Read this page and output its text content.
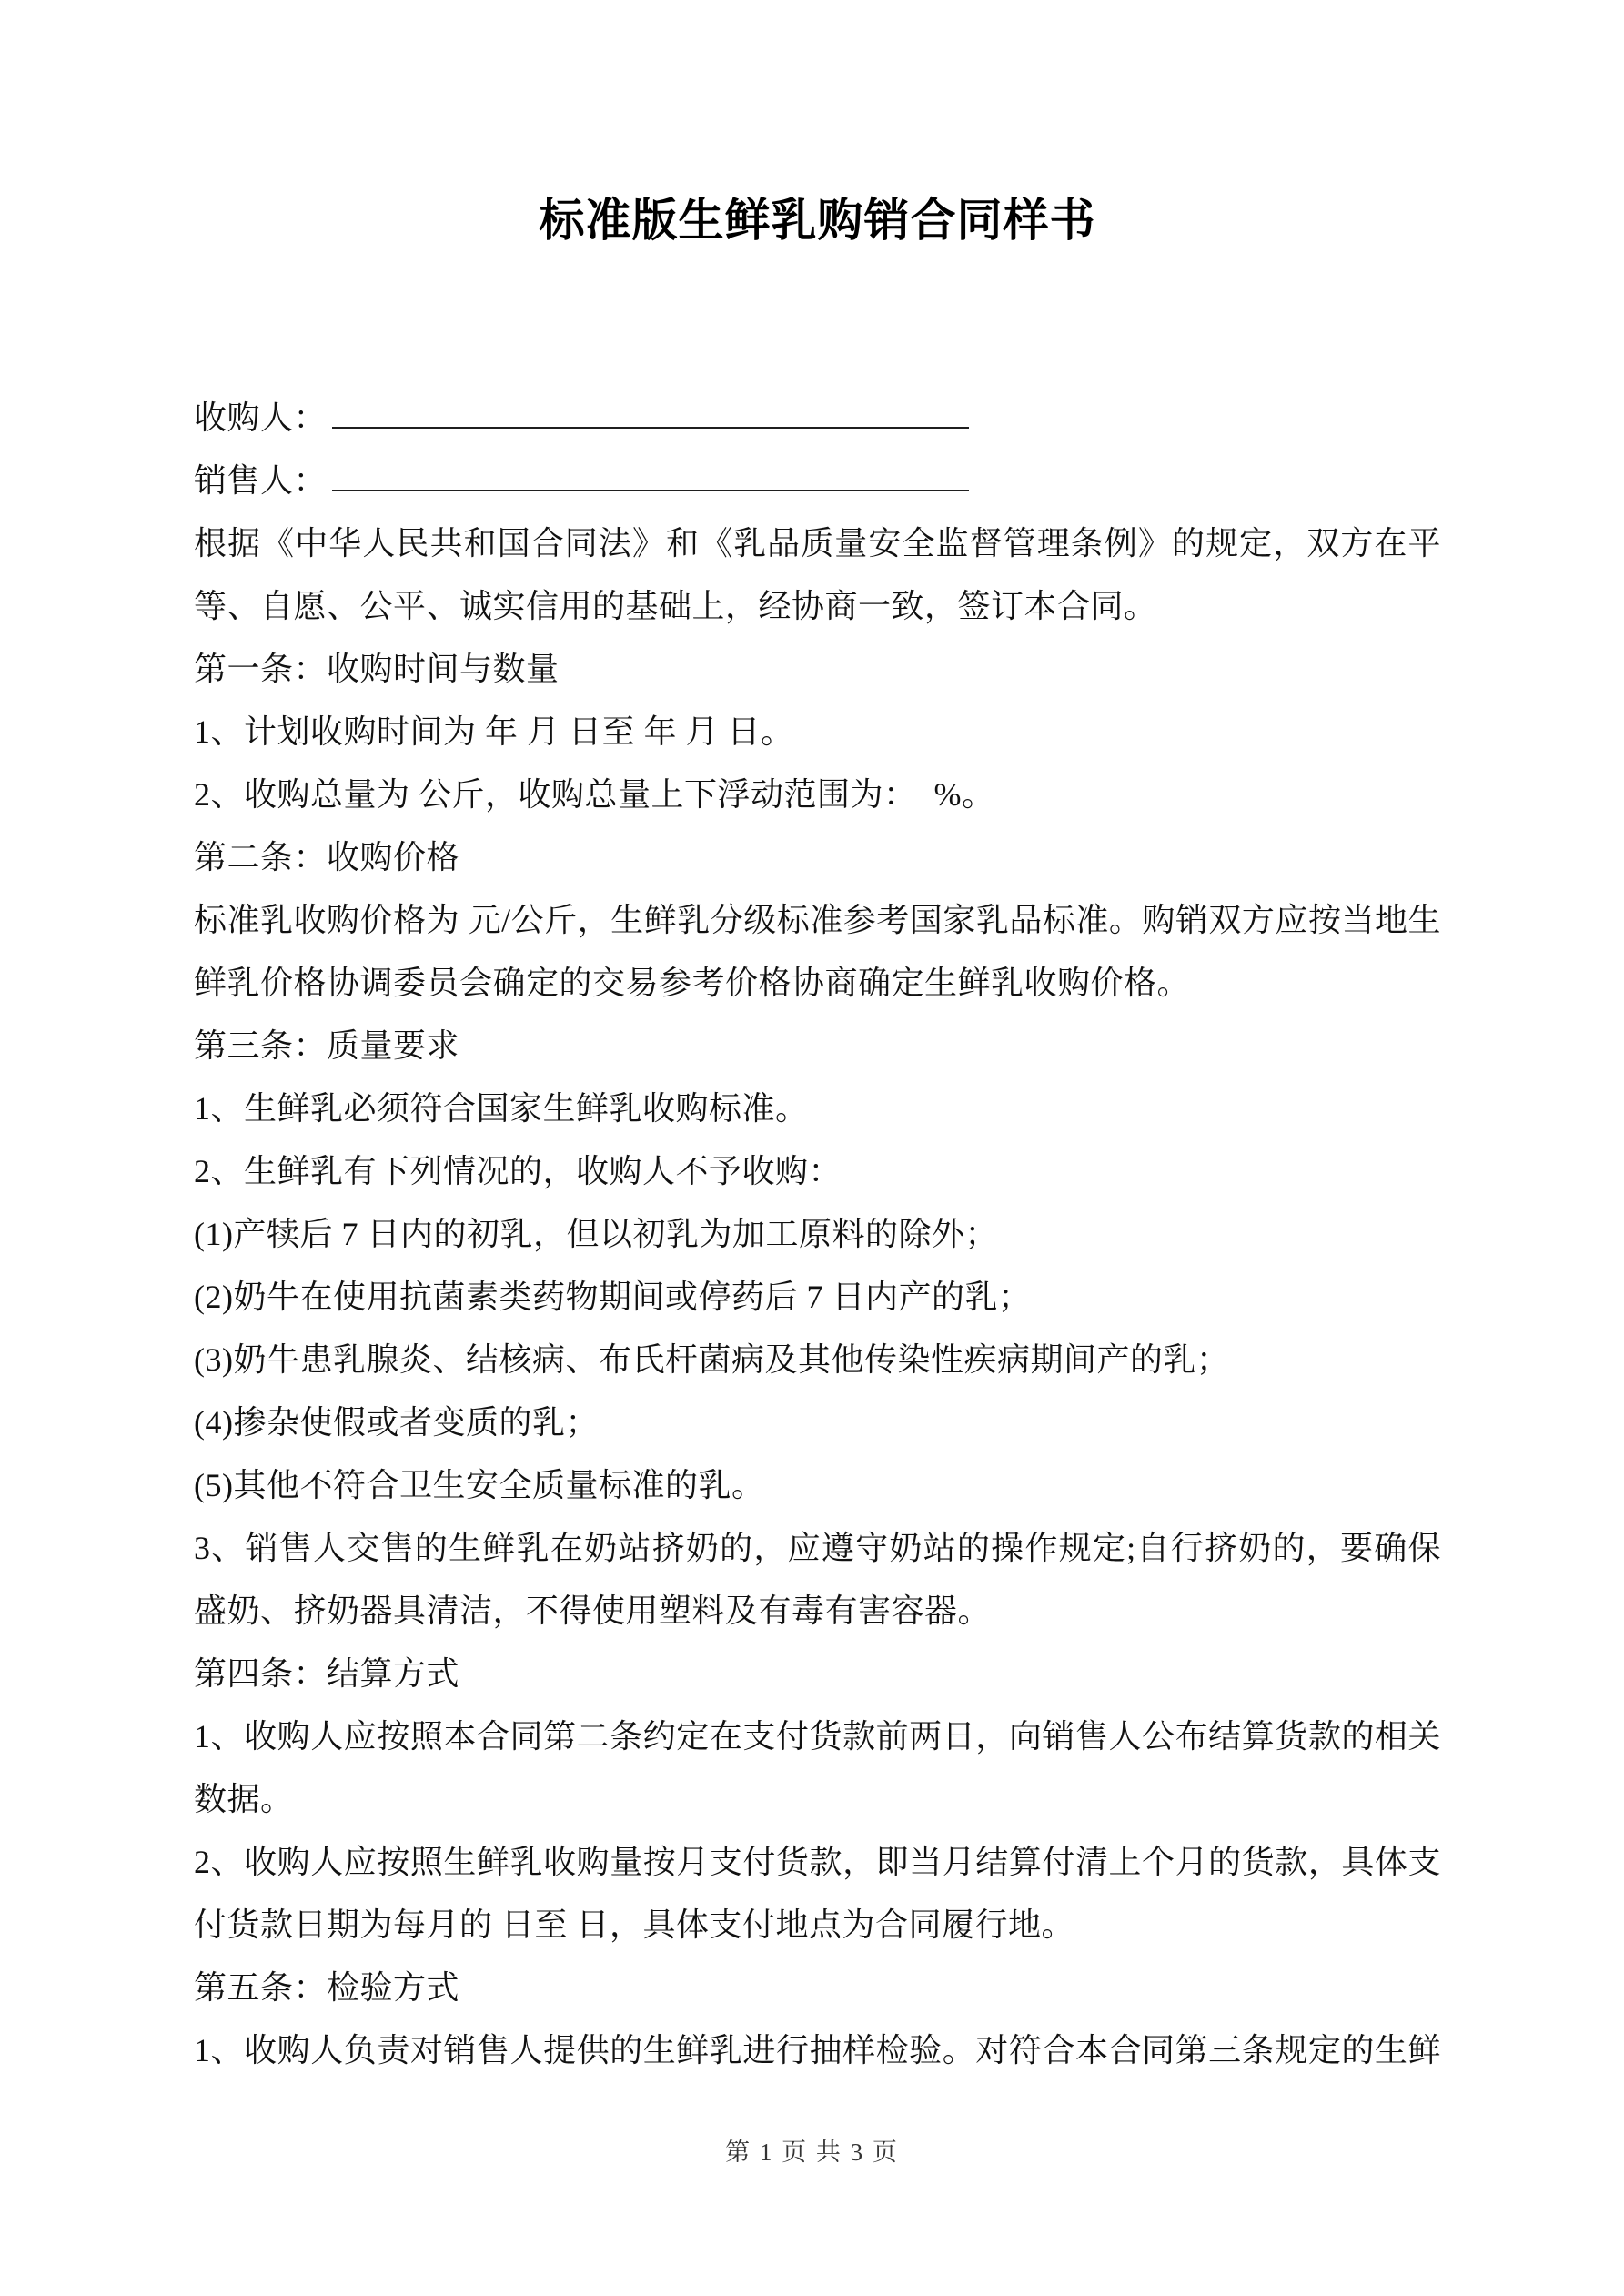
标准版生鲜乳购销合同样书
收购人：
销售人：

根据《中华人民共和国合同法》和《乳品质量安全监督管理条例》的规定，双方在平等、自愿、公平、诚实信用的基础上，经协商一致，签订本合同。

第一条：收购时间与数量

1、计划收购时间为 年 月 日至 年 月 日。

2、收购总量为 公斤，收购总量上下浮动范围为：  %。

第二条：收购价格

标准乳收购价格为 元/公斤，生鲜乳分级标准参考国家乳品标准。购销双方应按当地生鲜乳价格协调委员会确定的交易参考价格协商确定生鲜乳收购价格。

第三条：质量要求

1、生鲜乳必须符合国家生鲜乳收购标准。

2、生鲜乳有下列情况的，收购人不予收购：

(1)产犊后 7 日内的初乳，但以初乳为加工原料的除外；

(2)奶牛在使用抗菌素类药物期间或停药后 7 日内产的乳；

(3)奶牛患乳腺炎、结核病、布氏杆菌病及其他传染性疾病期间产的乳；

(4)掺杂使假或者变质的乳；

(5)其他不符合卫生安全质量标准的乳。

3、销售人交售的生鲜乳在奶站挤奶的，应遵守奶站的操作规定;自行挤奶的，要确保盛奶、挤奶器具清洁，不得使用塑料及有毒有害容器。

第四条：结算方式

1、收购人应按照本合同第二条约定在支付货款前两日，向销售人公布结算货款的相关数据。

2、收购人应按照生鲜乳收购量按月支付货款，即当月结算付清上个月的货款，具体支付货款日期为每月的 日至 日，具体支付地点为合同履行地。

第五条：检验方式

1、收购人负责对销售人提供的生鲜乳进行抽样检验。对符合本合同第三条规定的生鲜

第 1 页 共 3 页
